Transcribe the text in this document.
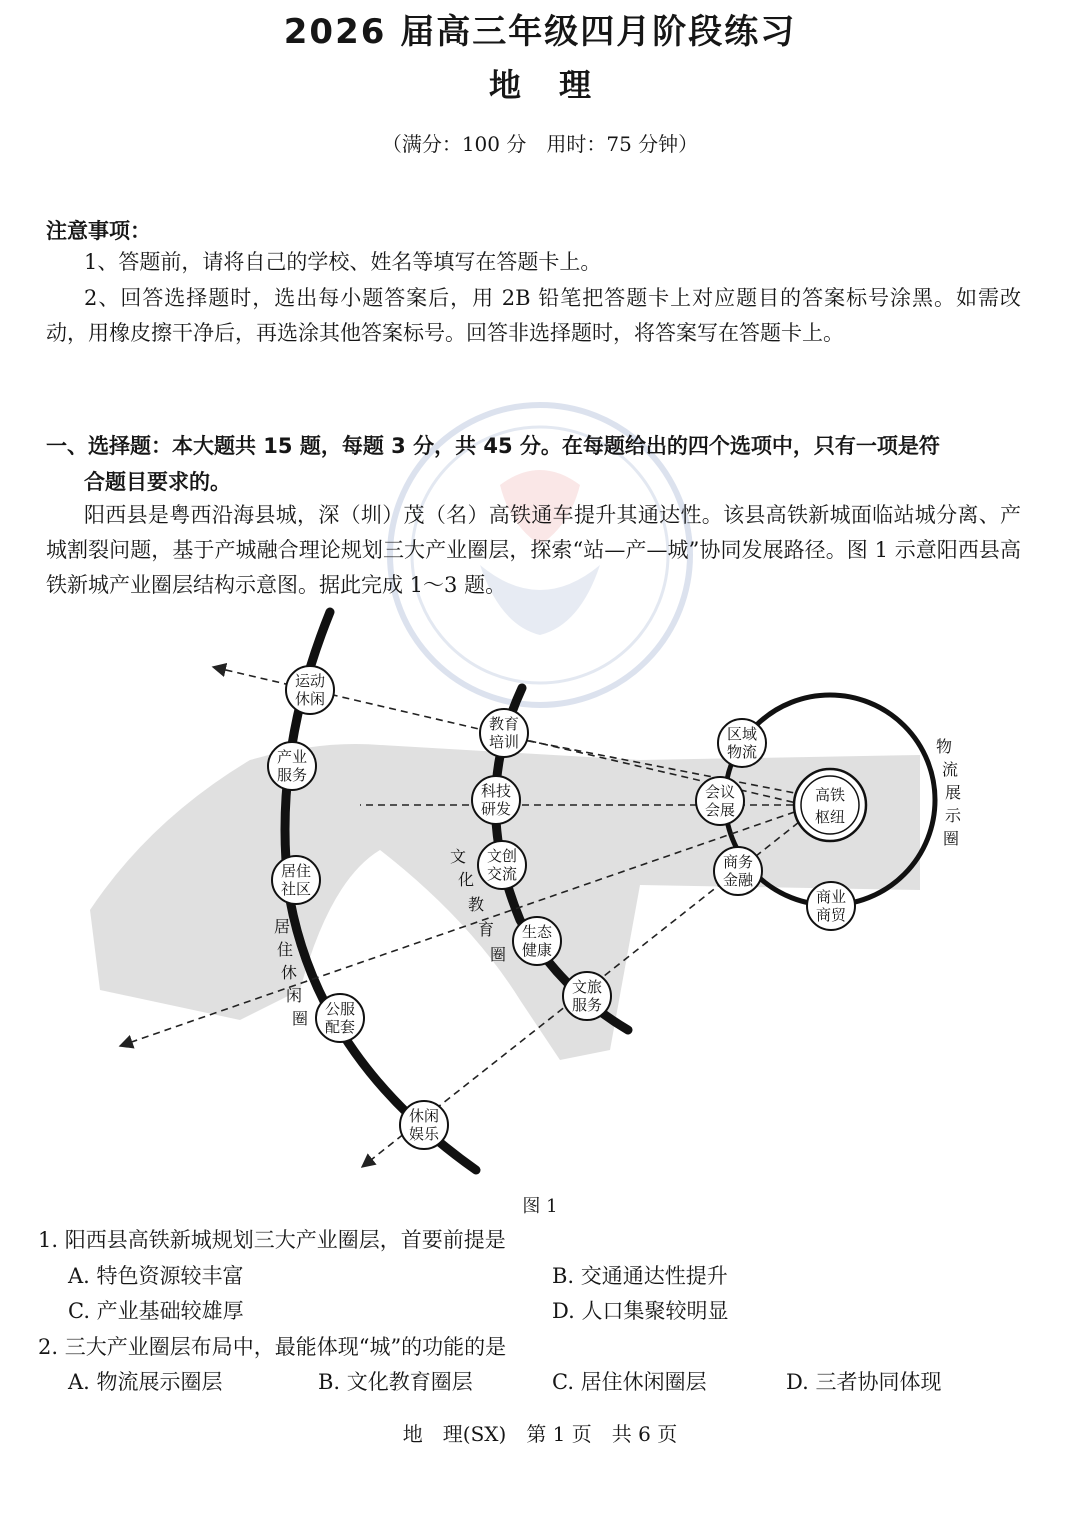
2026 届高三年级四月阶段练习
地理
（满分：100 分　用时：75 分钟）
注意事项：
1、答题前，请将自己的学校、姓名等填写在答题卡上。
2、回答选择题时，选出每小题答案后，用 2B 铅笔把答题卡上对应题目的答案标号涂黑。如需改动，用橡皮擦干净后，再选涂其他答案标号。回答非选择题时，将答案写在答题卡上。
一、选择题：本大题共 15 题，每题 3 分，共 45 分。在每题给出的四个选项中，只有一项是符
合题目要求的。
阳西县是粤西沿海县城，深（圳）茂（名）高铁通车提升其通达性。该县高铁新城面临站城分离、产城割裂问题，基于产城融合理论规划三大产业圈层，探索“站—产—城”协同发展路径。图 1 示意阳西县高铁新城产业圈层结构示意图。据此完成 1～3 题。
高铁
枢纽
区域
物流
会议
会展
商务
金融
商业
商贸
教育
培训
科技
研发
文创
交流
生态
健康
文旅
服务
运动
休闲
产业
服务
居住
社区
公服
配套
休闲
娱乐
物
流
展
示
圈
文
化
教
育
圈
居
住
休
闲
圈
图 1
1. 阳西县高铁新城规划三大产业圈层，首要前提是
A. 特色资源较丰富	B. 交通通达性提升
C. 产业基础较雄厚	D. 人口集聚较明显
2. 三大产业圈层布局中，最能体现“城”的功能的是
A. 物流展示圈层	B. 文化教育圈层	C. 居住休闲圈层	D. 三者协同体现
地　理(SX)　第 1 页　共 6 页
